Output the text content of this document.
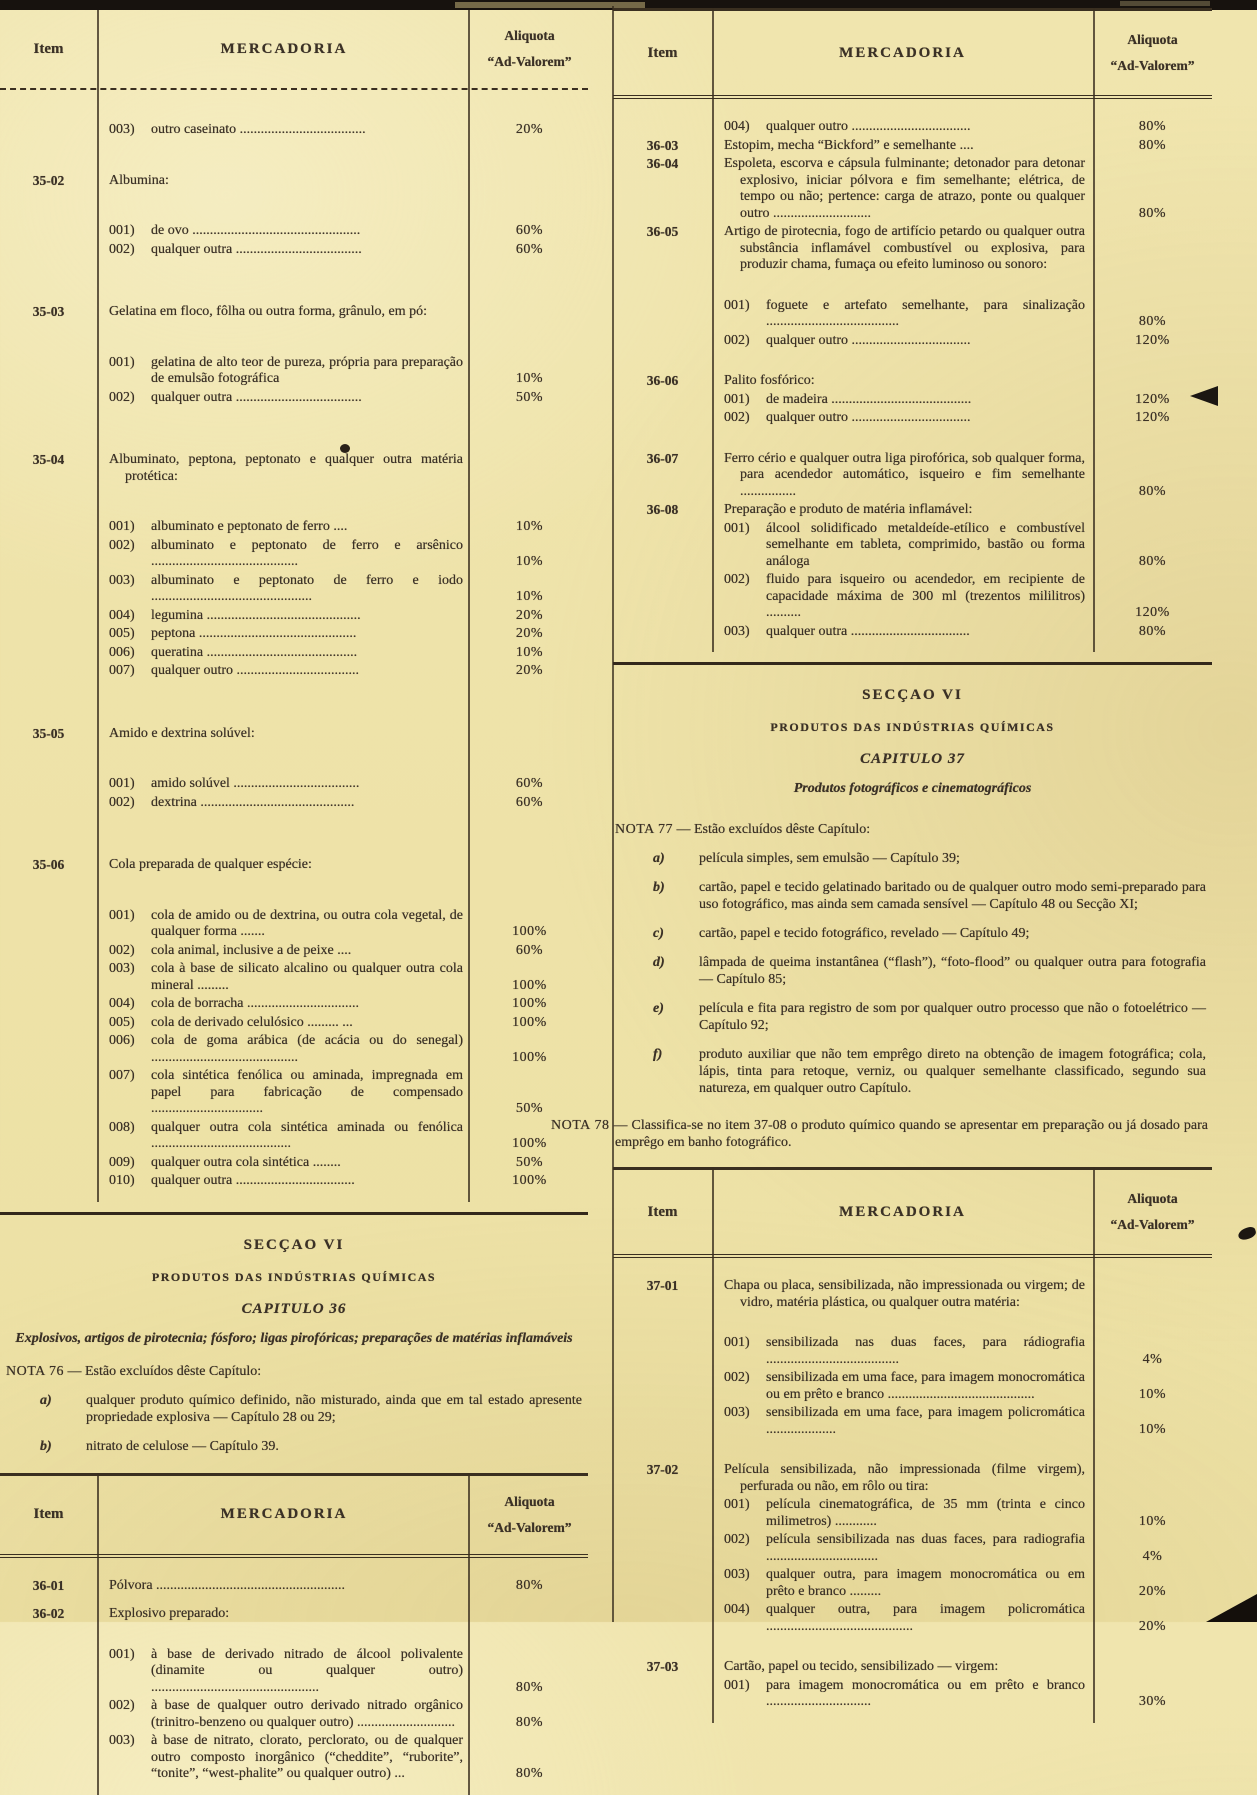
Item	MERCADORIA
Aliquota
“Ad-Valorem”
003)	outro caseinato ....................................	20%
35-02	Albumina:
001)	de ovo ................................................	60%
002)	qualquer outra ....................................	60%
35-03	Gelatina em floco, fôlha ou outra forma, grânulo, em pó:
001)	gelatina de alto teor de pureza, própria para preparação de emulsão fotográfica	10%
002)	qualquer outra ....................................	50%
35-04	Albuminato, peptona, peptonato e qualquer outra matéria protética:
001)	albuminato e peptonato de ferro ....	10%
002)	albuminato e peptonato de ferro e arsênico ..........................................	10%
003)	albuminato e peptonato de ferro e iodo ..............................................	10%
004)	legumina ............................................	20%
005)	peptona .............................................	20%
006)	queratina ...........................................	10%
007)	qualquer outro ...................................	20%
35-05	Amido e dextrina solúvel:
001)	amido solúvel ....................................	60%
002)	dextrina ............................................	60%
35-06	Cola preparada de qualquer espécie:
001)	cola de amido ou de dextrina, ou outra cola vegetal, de qualquer forma .......	100%
002)	cola animal, inclusive a de peixe ....	60%
003)	cola à base de silicato alcalino ou qualquer outra cola mineral .........	100%
004)	cola de borracha ................................	100%
005)	cola de derivado celulósico ......... ...	100%
006)	cola de goma arábica (de acácia ou do senegal) ..........................................	100%
007)	cola sintética fenólica ou aminada, impregnada em papel para fabricação de compensado ................................	50%
008)	qualquer outra cola sintética aminada ou fenólica ........................................	100%
009)	qualquer outra cola sintética ........	50%
010)	qualquer outra ..................................	100%
SECÇAO VI
PRODUTOS DAS INDÚSTRIAS QUÍMICAS
CAPITULO 36
Explosivos, artigos de pirotecnia; fósforo; ligas pirofóricas; preparações de matérias inflamáveis
NOTA 76 — Estão excluídos dêste Capítulo:
a)	qualquer produto químico definido, não misturado, ainda que em tal estado apresente propriedade explosiva — Capítulo 28 ou 29;
b)	nitrato de celulose — Capítulo 39.
Item	MERCADORIA
Aliquota
“Ad-Valorem”
36-01	Pólvora ......................................................	80%
36-02	Explosivo preparado:
001)	à base de derivado nitrado de álcool polivalente (dinamite ou qualquer outro) ................................................	80%
002)	à base de qualquer outro derivado nitrado orgânico (trinitro-benzeno ou qualquer outro) ............................	80%
003)	à base de nitrato, clorato, perclorato, ou de qualquer outro composto inorgânico (“cheddite”, “ruborite”, “tonite”, “west-phalite” ou qualquer outro) ...	80%
Item	MERCADORIA
Aliquota
“Ad-Valorem”
004)	qualquer outro ..................................	80%
36-03	Estopim, mecha “Bickford” e semelhante ....	80%
36-04	Espoleta, escorva e cápsula fulminante; detonador para detonar explosivo, iniciar pólvora e fim semelhante; elétrica, de tempo ou não; pertence: carga de atrazo, ponte ou qualquer outro ............................	80%
36-05	Artigo de pirotecnia, fogo de artifício petardo ou qualquer outra substância inflamável combustível ou explosiva, para produzir chama, fumaça ou efeito luminoso ou sonoro:
001)	foguete e artefato semelhante, para sinalização ......................................	80%
002)	qualquer outro ..................................	120%
36-06	Palito fosfórico:
001)	de madeira ........................................	120%
002)	qualquer outro ..................................	120%
36-07	Ferro cério e qualquer outra liga pirofórica, sob qualquer forma, para acendedor automático, isqueiro e fim semelhante ................	80%
36-08	Preparação e produto de matéria inflamável:
001)	álcool solidificado metaldeíde-etílico e combustível semelhante em tableta, comprimido, bastão ou forma análoga	80%
002)	fluido para isqueiro ou acendedor, em recipiente de capacidade máxima de 300 ml (trezentos mililitros) ..........	120%
003)	qualquer outra ..................................	80%
SECÇAO VI
PRODUTOS DAS INDÚSTRIAS QUÍMICAS
CAPITULO 37
Produtos fotográficos e cinematográficos
NOTA 77 — Estão excluídos dêste Capítulo:
a)	película simples, sem emulsão — Capítulo 39;
b)	cartão, papel e tecido gelatinado baritado ou de qualquer outro modo semi-preparado para uso fotográfico, mas ainda sem camada sensível — Capítulo 48 ou Secção XI;
c)	cartão, papel e tecido fotográfico, revelado — Capítulo 49;
d)	lâmpada de queima instantânea (“flash”), “foto-flood” ou qualquer outra para fotografia — Capítulo 85;
e)	película e fita para registro de som por qualquer outro processo que não o fotoelétrico — Capítulo 92;
f)	produto auxiliar que não tem emprêgo direto na obtenção de imagem fotográfica; cola, lápis, tinta para retoque, verniz, ou qualquer semelhante classificado, segundo sua natureza, em qualquer outro Capítulo.
NOTA 78 — Classifica-se no item 37-08 o produto químico quando se apresentar em preparação ou já dosado para emprêgo em banho fotográfico.
Item	MERCADORIA
Aliquota
“Ad-Valorem”
37-01	Chapa ou placa, sensibilizada, não impressionada ou virgem; de vidro, matéria plástica, ou qualquer outra matéria:
001)	sensibilizada nas duas faces, para rádiografia ......................................	4%
002)	sensibilizada em uma face, para imagem monocromática ou em prêto e branco ..........................................	10%
003)	sensibilizada em uma face, para imagem policromática ....................	10%
37-02	Película sensibilizada, não impressionada (filme virgem), perfurada ou não, em rôlo ou tira:
001)	película cinematográfica, de 35 mm (trinta e cinco milimetros) ............	10%
002)	película sensibilizada nas duas faces, para radiografia ................................	4%
003)	qualquer outra, para imagem monocromática ou em prêto e branco .........	20%
004)	qualquer outra, para imagem policromática ..........................................	20%
37-03	Cartão, papel ou tecido, sensibilizado — virgem:
001)	para imagem monocromática ou em prêto e branco ..............................	30%
